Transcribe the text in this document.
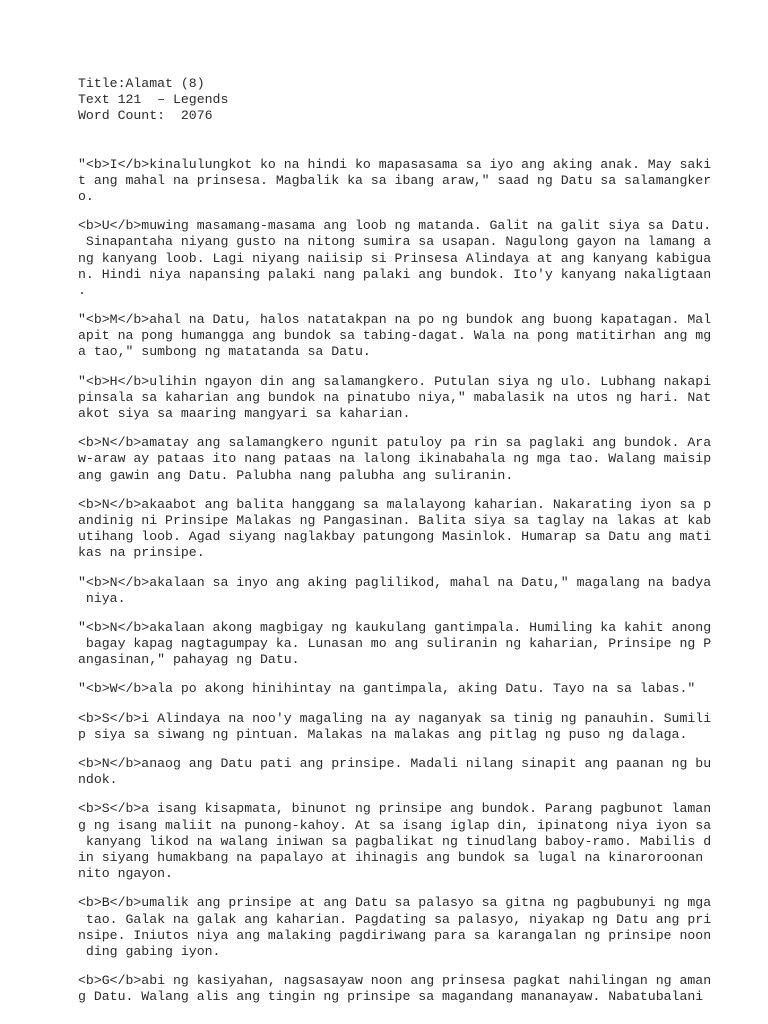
Title:Alamat (8)
Text 121  – Legends
Word Count:  2076
"<b>I</b>kinalulungkot ko na hindi ko mapasasama sa iyo ang aking anak. May saki
t ang mahal na prinsesa. Magbalik ka sa ibang araw," saad ng Datu sa salamangker
o.
<b>U</b>muwing masamang-masama ang loob ng matanda. Galit na galit siya sa Datu.
Sinapantaha niyang gusto na nitong sumira sa usapan. Nagulong gayon na lamang a
ng kanyang loob. Lagi niyang naiisip si Prinsesa Alindaya at ang kanyang kabigua
n. Hindi niya napansing palaki nang palaki ang bundok. Ito'y kanyang nakaligtaan
.
"<b>M</b>ahal na Datu, halos natatakpan na po ng bundok ang buong kapatagan. Mal
apit na pong humangga ang bundok sa tabing-dagat. Wala na pong matitirhan ang mg
a tao," sumbong ng matatanda sa Datu.
"<b>H</b>ulihin ngayon din ang salamangkero. Putulan siya ng ulo. Lubhang nakapi
pinsala sa kaharian ang bundok na pinatubo niya," mabalasik na utos ng hari. Nat
akot siya sa maaring mangyari sa kaharian.
<b>N</b>amatay ang salamangkero ngunit patuloy pa rin sa paglaki ang bundok. Ara
w-araw ay pataas ito nang pataas na lalong ikinabahala ng mga tao. Walang maisip
ang gawin ang Datu. Palubha nang palubha ang suliranin.
<b>N</b>akaabot ang balita hanggang sa malalayong kaharian. Nakarating iyon sa p
andinig ni Prinsipe Malakas ng Pangasinan. Balita siya sa taglay na lakas at kab
utihang loob. Agad siyang naglakbay patungong Masinlok. Humarap sa Datu ang mati
kas na prinsipe.
"<b>N</b>akalaan sa inyo ang aking paglilikod, mahal na Datu," magalang na badya
niya.
"<b>N</b>akalaan akong magbigay ng kaukulang gantimpala. Humiling ka kahit anong
bagay kapag nagtagumpay ka. Lunasan mo ang suliranin ng kaharian, Prinsipe ng P
angasinan," pahayag ng Datu.
"<b>W</b>ala po akong hinihintay na gantimpala, aking Datu. Tayo na sa labas."
<b>S</b>i Alindaya na noo'y magaling na ay naganyak sa tinig ng panauhin. Sumili
p siya sa siwang ng pintuan. Malakas na malakas ang pitlag ng puso ng dalaga.
<b>N</b>anaog ang Datu pati ang prinsipe. Madali nilang sinapit ang paanan ng bu
ndok.
<b>S</b>a isang kisapmata, binunot ng prinsipe ang bundok. Parang pagbunot laman
g ng isang maliit na punong-kahoy. At sa isang iglap din, ipinatong niya iyon sa
kanyang likod na walang iniwan sa pagbalikat ng tinudlang baboy-ramo. Mabilis d
in siyang humakbang na papalayo at ihinagis ang bundok sa lugal na kinaroroonan
nito ngayon.
<b>B</b>umalik ang prinsipe at ang Datu sa palasyo sa gitna ng pagbubunyi ng mga
tao. Galak na galak ang kaharian. Pagdating sa palasyo, niyakap ng Datu ang pri
nsipe. Iniutos niya ang malaking pagdiriwang para sa karangalan ng prinsipe noon
ding gabing iyon.
<b>G</b>abi ng kasiyahan, nagsasayaw noon ang prinsesa pagkat nahilingan ng aman
g Datu. Walang alis ang tingin ng prinsipe sa magandang mananayaw. Nabatubalani
